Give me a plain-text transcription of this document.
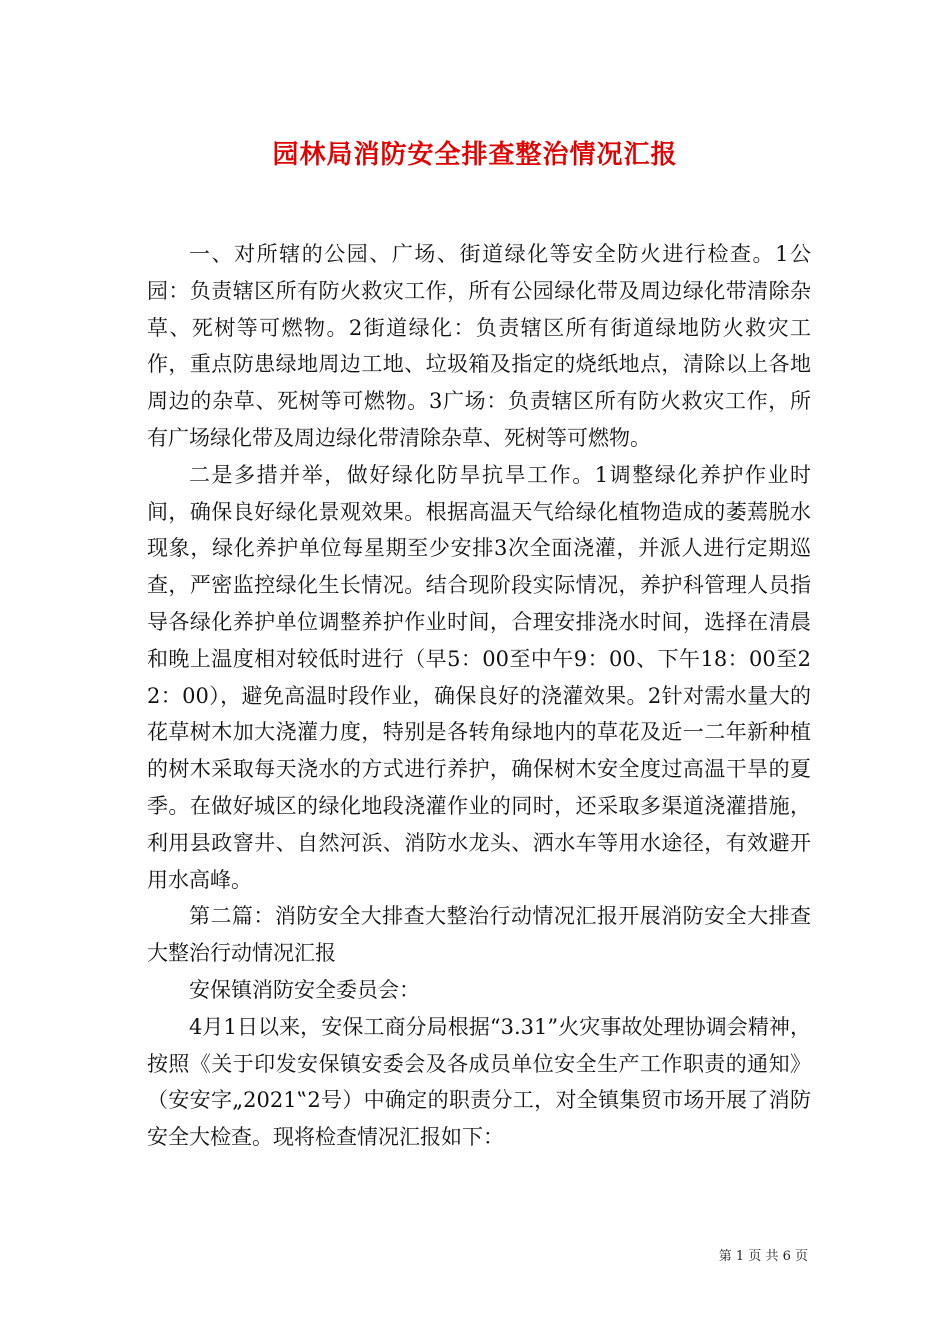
园林局消防安全排查整治情况汇报

一、对所辖的公园、广场、街道绿化等安全防火进行检查。1公园：负责辖区所有防火救灾工作，所有公园绿化带及周边绿化带清除杂草、死树等可燃物。2街道绿化：负责辖区所有街道绿地防火救灾工作，重点防患绿地周边工地、垃圾箱及指定的烧纸地点，清除以上各地周边的杂草、死树等可燃物。3广场：负责辖区所有防火救灾工作，所有广场绿化带及周边绿化带清除杂草、死树等可燃物。

二是多措并举，做好绿化防旱抗旱工作。1调整绿化养护作业时间，确保良好绿化景观效果。根据高温天气给绿化植物造成的萎蔫脱水现象，绿化养护单位每星期至少安排3次全面浇灌，并派人进行定期巡查，严密监控绿化生长情况。结合现阶段实际情况，养护科管理人员指导各绿化养护单位调整养护作业时间，合理安排浇水时间，选择在清晨和晚上温度相对较低时进行（早5：00至中午9：00、下午18：00至22：00），避免高温时段作业，确保良好的浇灌效果。2针对需水量大的花草树木加大浇灌力度，特别是各转角绿地内的草花及近一二年新种植的树木采取每天浇水的方式进行养护，确保树木安全度过高温干旱的夏季。在做好城区的绿化地段浇灌作业的同时，还采取多渠道浇灌措施，利用县政窨井、自然河浜、消防水龙头、洒水车等用水途径，有效避开用水高峰。

第二篇：消防安全大排查大整治行动情况汇报开展消防安全大排查大整治行动情况汇报

安保镇消防安全委员会：

4月1日以来，安保工商分局根据“3.31”火灾事故处理协调会精神，按照《关于印发安保镇安委会及各成员单位安全生产工作职责的通知》（安安字„2021‟2号）中确定的职责分工，对全镇集贸市场开展了消防安全大检查。现将检查情况汇报如下：

第 1 页 共 6 页
